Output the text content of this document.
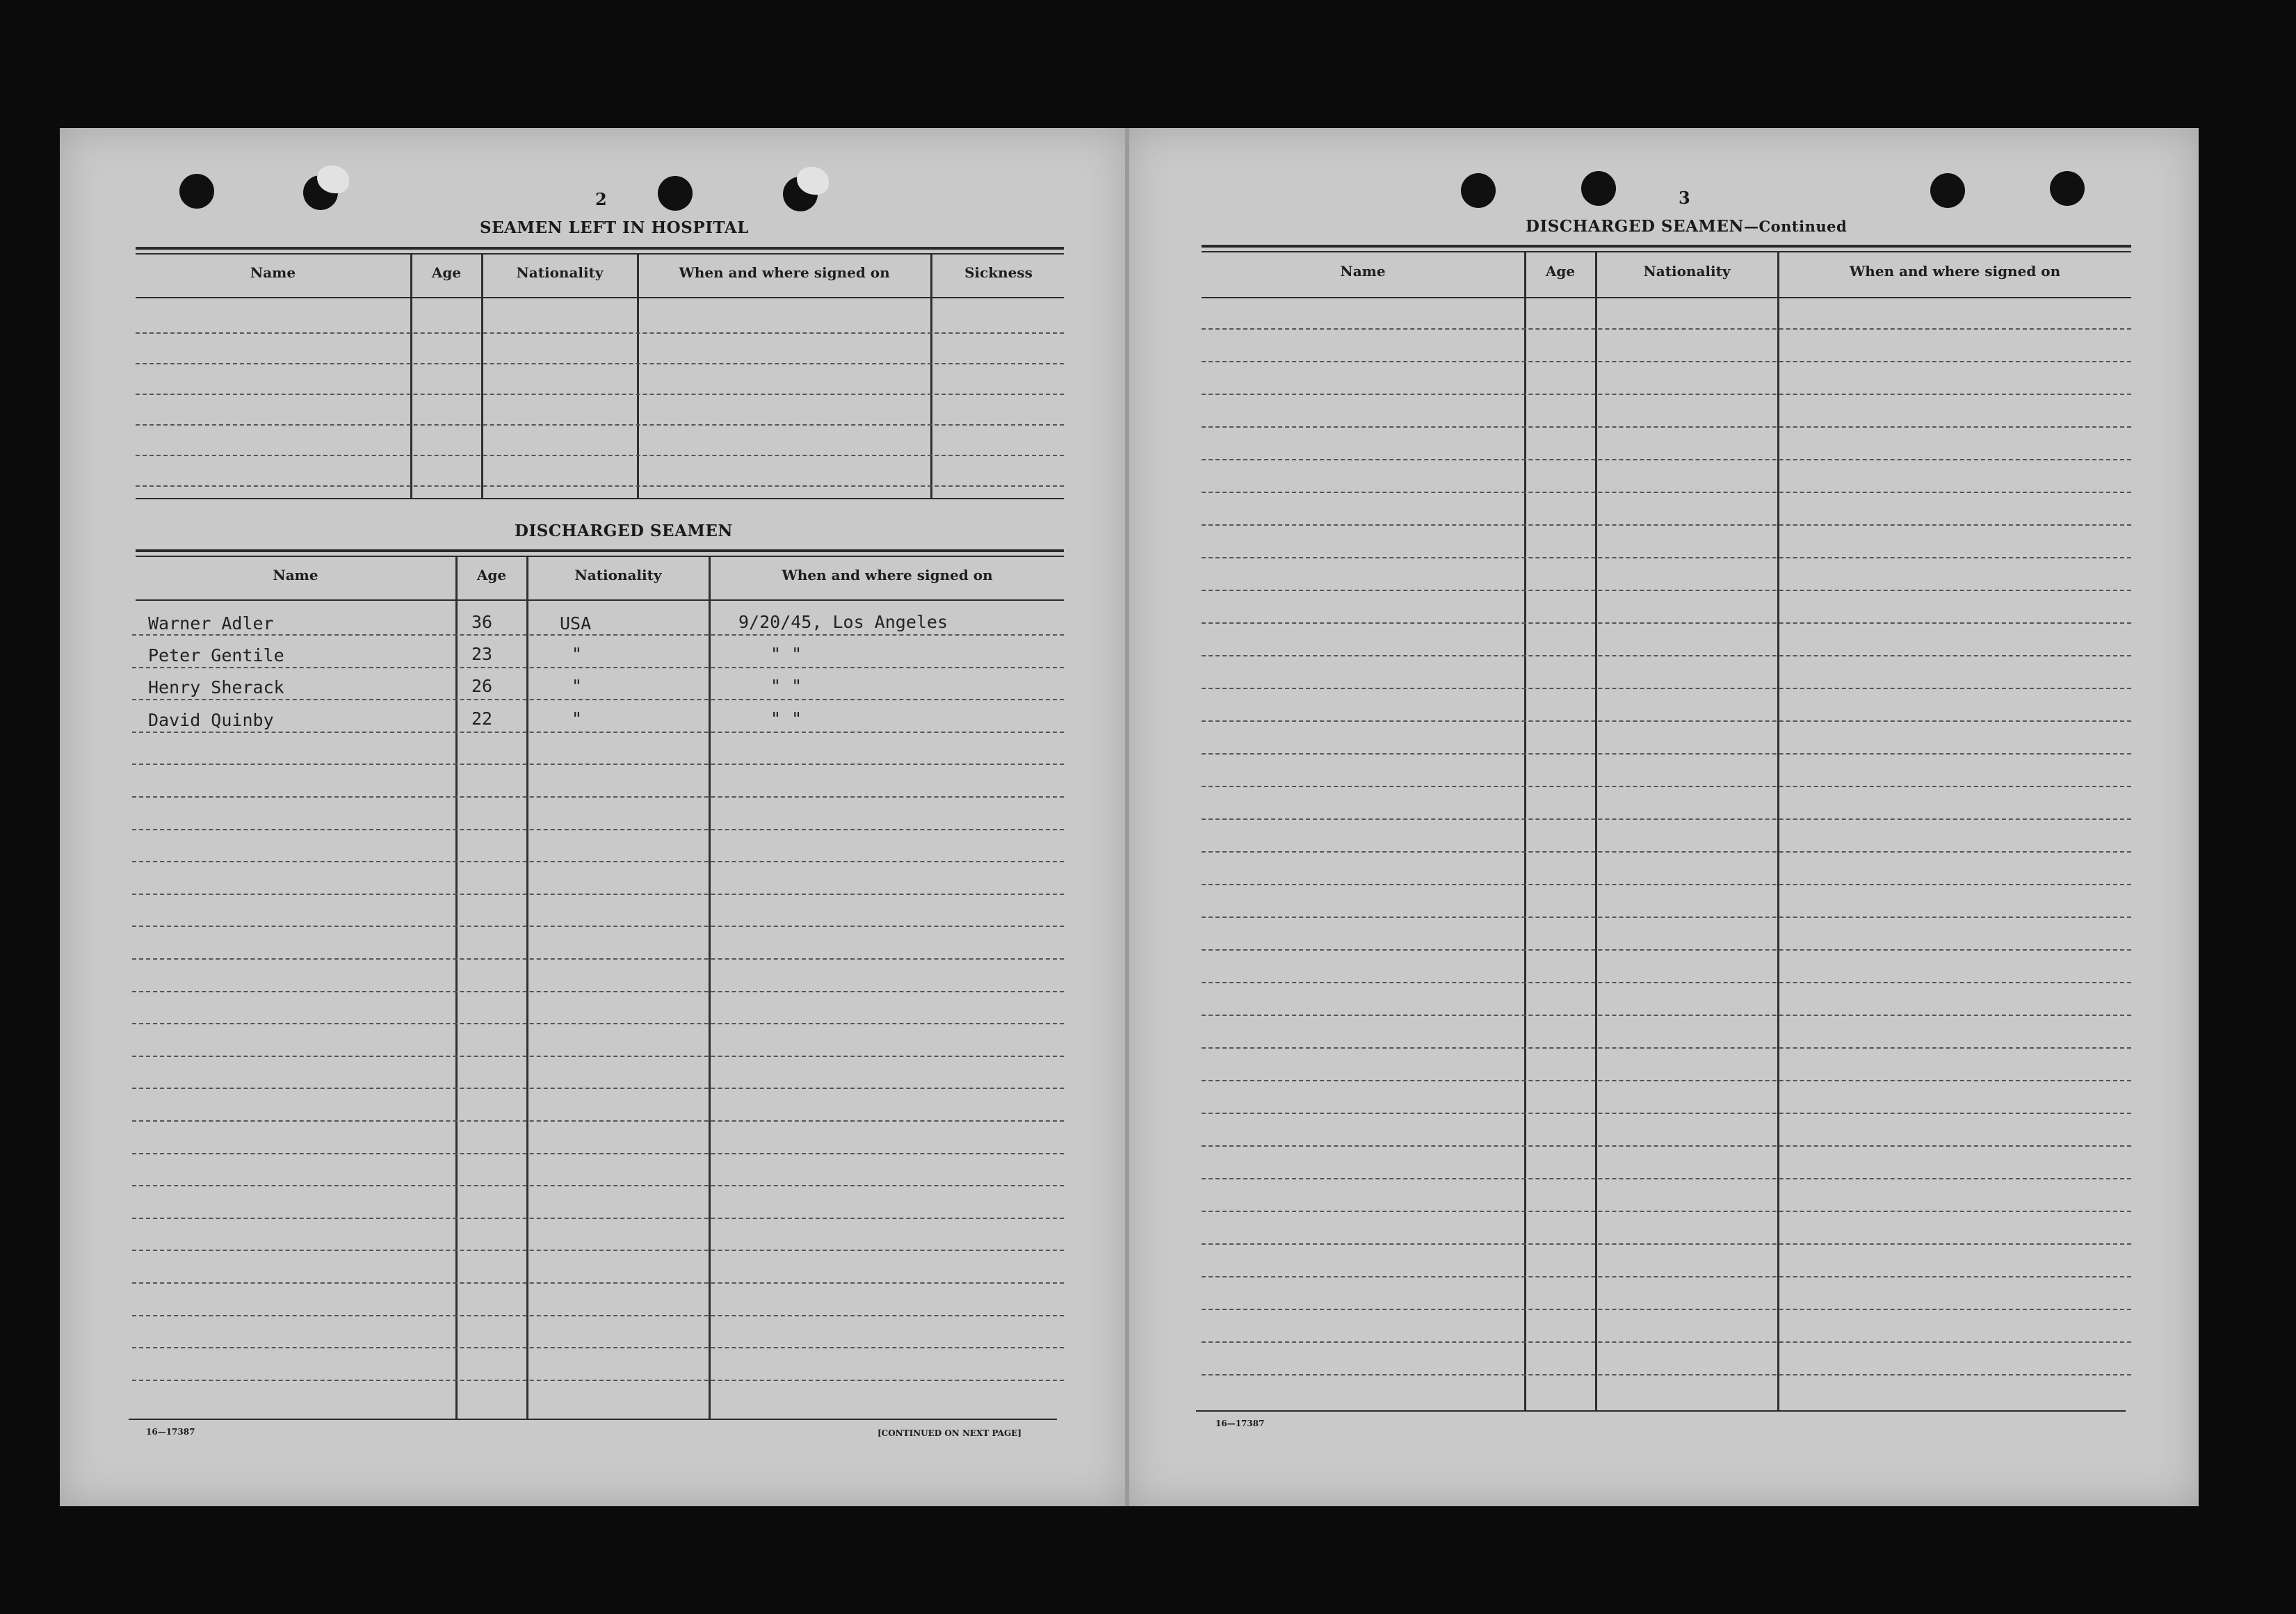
2
SEAMEN LEFT IN HOSPITAL
Name	Age	Nationality	When and where signed on	Sickness
DISCHARGED SEAMEN
Name	Age	Nationality	When and where signed on
Warner Adler	36	USA	9/20/45, Los Angeles
Peter Gentile	23	"	" "
Henry Sherack	26	"	" "
David Quinby	22	"	" "
16—17387	[CONTINUED ON NEXT PAGE]
3
DISCHARGED SEAMEN—Continued
Name	Age	Nationality	When and where signed on
16—17387
